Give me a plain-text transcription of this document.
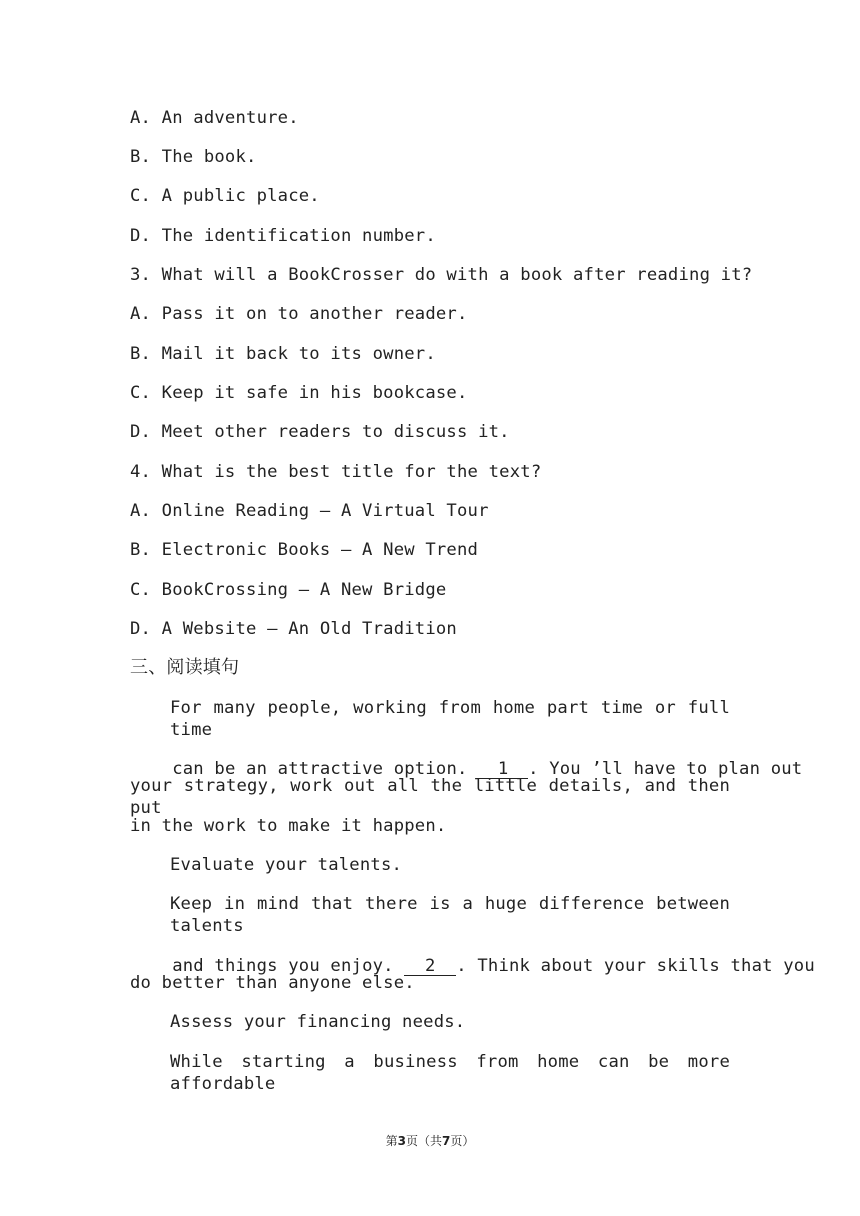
A. An adventure.
B. The book.
C. A public place.
D. The identification number.
3. What will a BookCrosser do with a book after reading it?
A. Pass it on to another reader.
B. Mail it back to its owner.
C. Keep it safe in his bookcase.
D. Meet other readers to discuss it.
4. What is the best title for the text?
A. Online Reading — A Virtual Tour
B. Electronic Books — A New Trend
C. BookCrossing — A New Bridge
D. A Website — An Old Tradition
三、阅读填句
For many people, working from home part time or full time

can be an attractive option. 1 . You ’ll have to plan out

your strategy, work out all the little details, and then put
in the work to make it happen.
Evaluate your talents.
Keep in mind that there is a huge difference between talents

and things you enjoy. 2 . Think about your skills that you

do better than anyone else.
Assess your financing needs.
While starting a business from home can be more affordable
第3页（共7页）
